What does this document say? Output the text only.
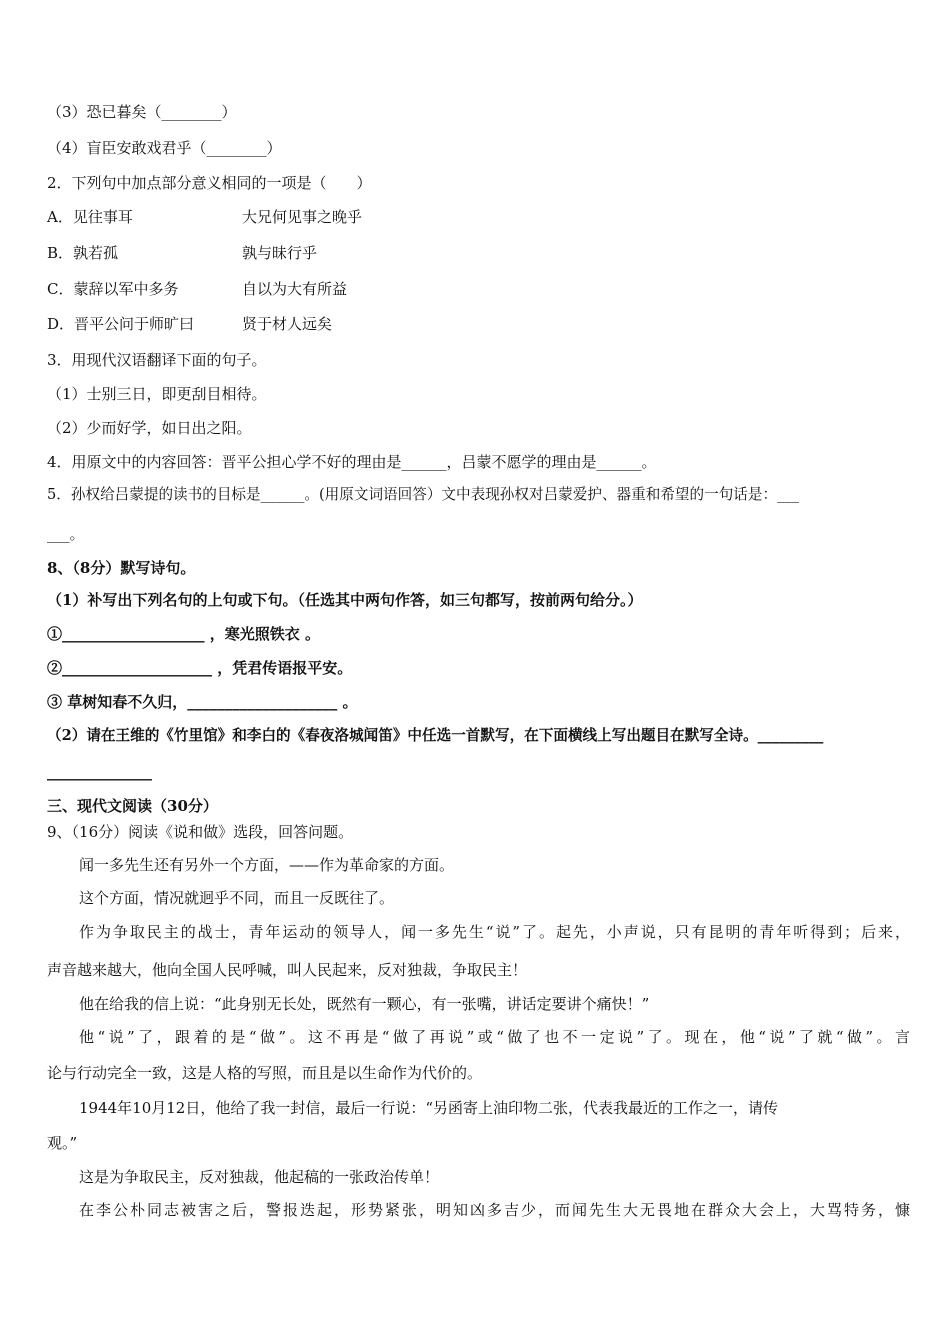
（3）恐已暮矣（________）
（4）盲臣安敢戏君乎（________）
2．下列句中加点部分意义相同的一项是（　　）
A．见往事耳	大兄何见事之晚乎
B．孰若孤	孰与昧行乎
C．蒙辞以军中多务	自以为大有所益
D．晋平公问于师旷曰	贤于材人远矣
3．用现代汉语翻译下面的句子。
（1）士别三日，即更刮目相待。
（2）少而好学，如日出之阳。
4．用原文中的内容回答：晋平公担心学不好的理由是______，吕蒙不愿学的理由是______。
5．孙权给吕蒙提的读书的目标是______。(用原文词语回答）文中表现孙权对吕蒙爱护、器重和希望的一句话是：___
___。
8、（8分）默写诗句。
（1）补写出下列名句的上句或下句。（任选其中两句作答，如三句都写，按前两句给分。）
①___________________ ，寒光照铁衣 。
②____________________ ，凭君传语报平安。
③ 草树知春不久归，____________________ 。
（2）请在王维的《竹里馆》和李白的《春夜洛城闻笛》中任选一首默写，在下面横线上写出题目在默写全诗。_________
______________
三、现代文阅读（30分）
9、（16分）阅读《说和做》选段，回答问题。
闻一多先生还有另外一个方面，——作为革命家的方面。
这个方面，情况就迥乎不同，而且一反既往了。
作为争取民主的战士，青年运动的领导人，闻一多先生“说”了。起先，小声说，只有昆明的青年听得到；后来，
声音越来越大，他向全国人民呼喊，叫人民起来，反对独裁，争取民主！
他在给我的信上说：“此身别无长处，既然有一颗心，有一张嘴，讲话定要讲个痛快！”
他“说”了，跟着的是“做”。这不再是“做了再说”或“做了也不一定说”了。现在，他“说”了就“做”。言
论与行动完全一致，这是人格的写照，而且是以生命作为代价的。
1944年10月12日，他给了我一封信，最后一行说：“另函寄上油印物二张，代表我最近的工作之一，请传
观。”
这是为争取民主，反对独裁，他起稿的一张政治传单！
在李公朴同志被害之后，警报迭起，形势紧张，明知凶多吉少，而闻先生大无畏地在群众大会上，大骂特务，慷
